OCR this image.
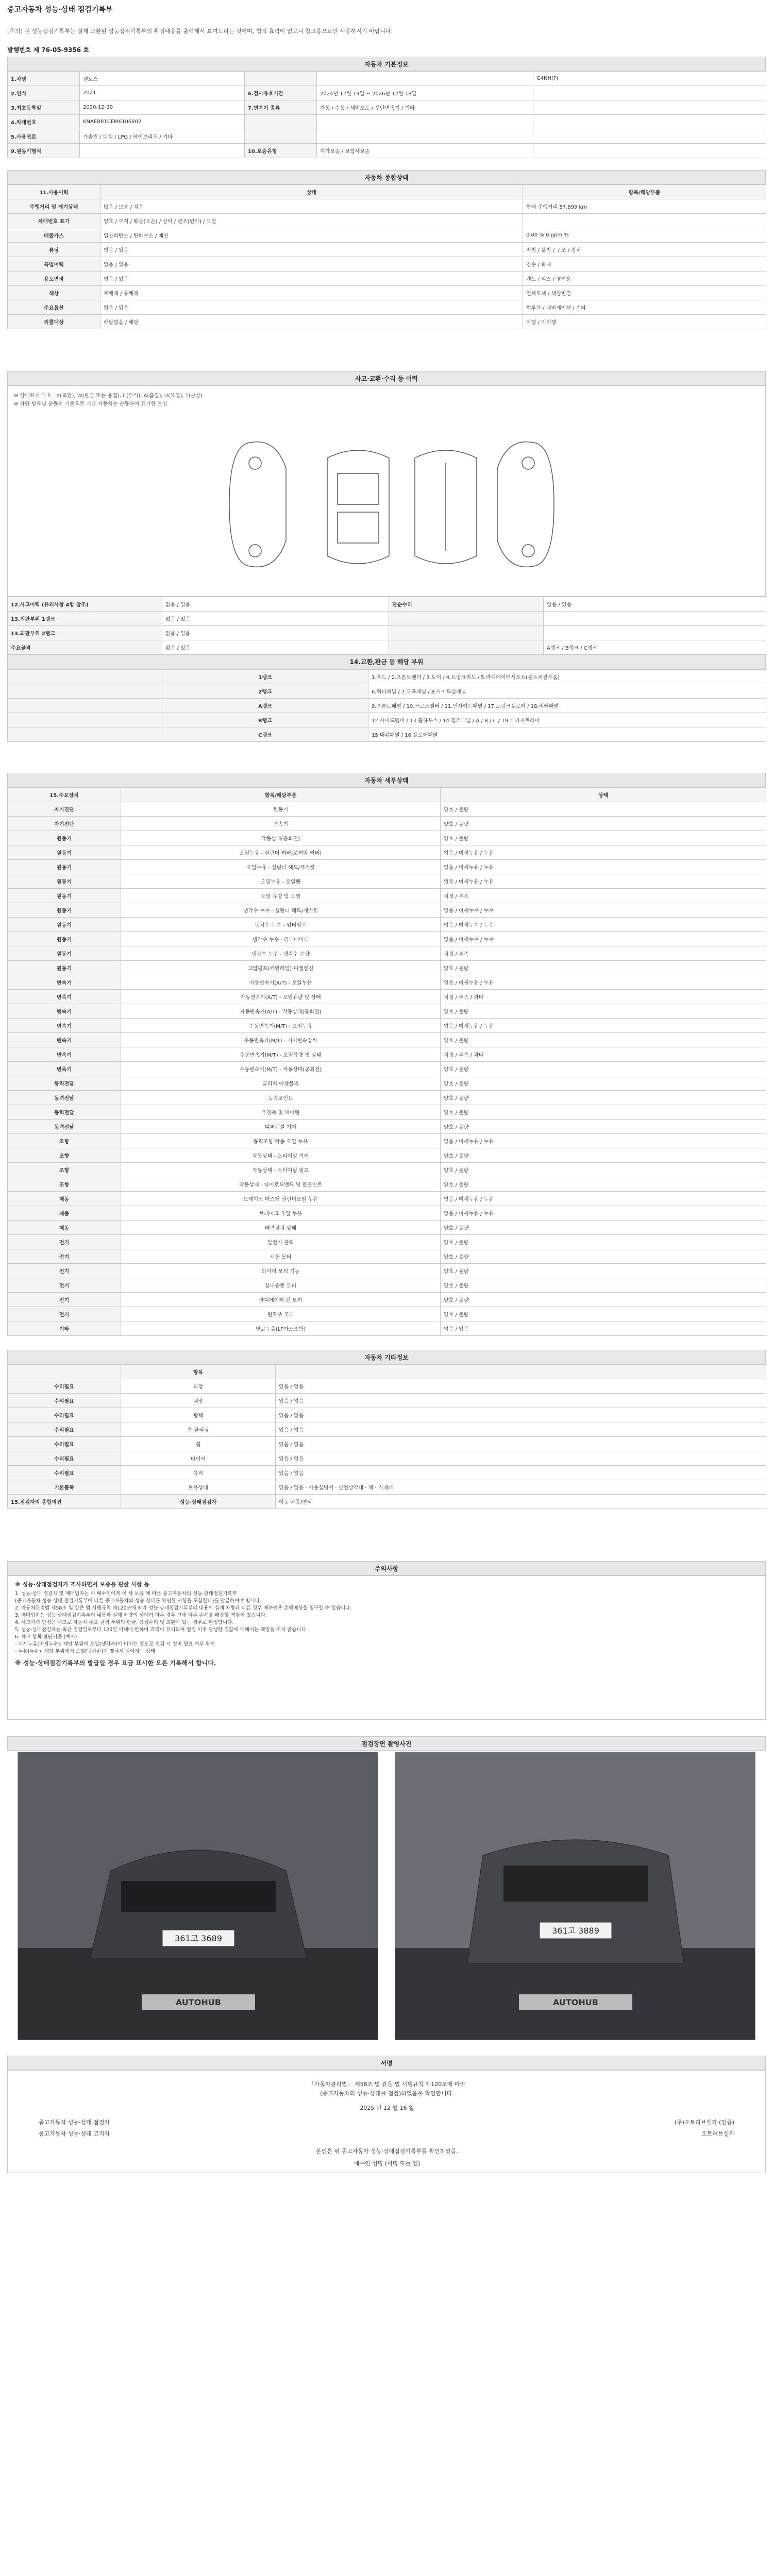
중고자동차 성능·상태 점검기록부
[주의] 본 성능점검기록부는 실제 교환된 성능점검기록부의 확정내용을 출력해서 보여드리는 것이며, 법적 효력이 없으니 참고용으로만 사용하시기 바랍니다.
발행번호 제 76-05-9356 호
자동차 기본정보
1.차명	셀토스			G4NH(?)
2.연식	2021	6.검사유효기간	2024년 12월 19일 ~ 2026년 12월 18일	
3.최초등록일	2020-12-30	7.변속기 종류	자동 / 수동 / 세미오토 / 무단변속기 / 기타	
4.차대번호	KNAER81CEM6106802			
5.사용연료	가솔린 / 디젤 / LPG / 하이브리드 / 기타			
9.원동기형식		10.보증유형	자가보증 / 보험사보증	
자동차 종합상태
11.사용이력	상태	항목/해당부품
주행거리 및 계기상태	많음 / 보통 / 적음	현재 주행거리 57,899 km
차대번호 표기	양호 / 부식 / 훼손(오손) / 상이 / 변조(변타) / 도말	
배출가스	일산화탄소 / 탄화수소 / 매연	0.00 % 0 ppm %
튜닝	없음 / 있음	적법 / 불법 / 구조 / 장치
특별이력	없음 / 있음	침수 / 화재
용도변경	없음 / 있음	렌트 / 리스 / 영업용
색상	무채색 / 유채색	전체도색 / 색상변경
주요옵션	없음 / 있음	썬루프 / 네비게이션 / 기타
리콜대상	해당없음 / 해당	이행 / 미이행
사고·교환·수리 등 이력
※ 상태표시 부호 : X(교환), W(판금 또는 용접), C(부식), A(흠집), U(요철), T(손상)
※ 하단 항목별 순동의 기준으로 기타 자동차는 순동하여 표기한 보임
12.사고이력 (유의사항 4항 참조)	없음 / 있음	단순수리	없음 / 있음
13.외판부위 1랭크	없음 / 있음		
13.외판부위 2랭크	없음 / 있음		
주요골격	없음 / 있음		A랭크 / B랭크 / C랭크
14.교환,판금 등 해당 부위
	1랭크	1.후드 / 2.프론트펜더 / 3.도어 / 4.트렁크리드 / 5.라디에이터서포트(볼트체결부품)
	2랭크	6.쿼터패널 / 7.루프패널 / 8.사이드실패널
	A랭크	9.프론트패널 / 10.크로스멤버 / 11.인사이드패널 / 17.트렁크플로어 / 18.리어패널
	B랭크	12.사이드멤버 / 13.휠하우스 / 14.필러패널 / A / B / C / 19.패키지트레이
	C랭크	15.대쉬패널 / 16.플로어패널
자동차 세부상태
15.주요장치	항목/해당부품	상태
자기진단	원동기	양호 / 불량
자기진단	변속기	양호 / 불량
원동기	작동상태(공회전)	양호 / 불량
원동기	오일누유 - 실린더 커버(로커암 커버)	없음 / 미세누유 / 누유
원동기	오일누유 - 실린더 헤드/개스킷	없음 / 미세누유 / 누유
원동기	오일누유 - 오일팬	없음 / 미세누유 / 누유
원동기	오일 유량 및 오염	적정 / 부족
원동기	냉각수 누수 - 실린더 헤드/개스킷	없음 / 미세누수 / 누수
원동기	냉각수 누수 - 워터펌프	없음 / 미세누수 / 누수
원동기	냉각수 누수 - 라디에이터	없음 / 미세누수 / 누수
원동기	냉각수 누수 - 냉각수 수량	적정 / 부족
원동기	고압펌프(커먼레일)-디젤엔진	양호 / 불량
변속기	자동변속기(A/T) - 오일누유	없음 / 미세누유 / 누유
변속기	자동변속기(A/T) - 오일유량 및 상태	적정 / 부족 / 과다
변속기	자동변속기(A/T) - 작동상태(공회전)	양호 / 불량
변속기	수동변속기(M/T) - 오일누유	없음 / 미세누유 / 누유
변속기	수동변속기(M/T) - 기어변속장치	양호 / 불량
변속기	수동변속기(M/T) - 오일유량 및 상태	적정 / 부족 / 과다
변속기	수동변속기(M/T) - 작동상태(공회전)	양호 / 불량
동력전달	클러치 어셈블리	양호 / 불량
동력전달	등속조인트	양호 / 불량
동력전달	추진축 및 베어링	양호 / 불량
동력전달	디퍼렌셜 기어	양호 / 불량
조향	동력조향 작동 오일 누유	없음 / 미세누유 / 누유
조향	작동상태 - 스티어링 기어	양호 / 불량
조향	작동상태 - 스티어링 펌프	양호 / 불량
조향	작동상태 - 타이로드엔드 및 볼조인트	양호 / 불량
제동	브레이크 마스터 실린더오일 누유	없음 / 미세누유 / 누유
제동	브레이크 오일 누유	없음 / 미세누유 / 누유
제동	배력장치 상태	양호 / 불량
전기	발전기 출력	양호 / 불량
전기	시동 모터	양호 / 불량
전기	와이퍼 모터 기능	양호 / 불량
전기	실내송풍 모터	양호 / 불량
전기	라디에이터 팬 모터	양호 / 불량
전기	윈도우 모터	양호 / 불량
기타	연료누출(LP가스포함)	없음 / 있음
자동차 기타정보
	항목	
수리필요	외장	있음 / 없음
수리필요	내장	있음 / 없음
수리필요	광택	있음 / 없음
수리필요	룸 클리닝	있음 / 없음
수리필요	휠	있음 / 없음
수리필요	타이어	있음 / 없음
수리필요	유리	있음 / 없음
기본품목	보유상태	있음 / 없음 · 사용설명서 · 안전삼각대 · 잭 · 스패너
15.점검자의 종합의견	성능·상태점검자	이동 차종/연식
주의사항
※ 성능·상태점검자가 조사하면서 보증을 관한 사항 등
1. 성능·상태 점검자 및 매매업자는 이 매수인에게 이 사 보증 에 따른 중고자동차의 성능·상태점검기록부
(중고자동차 성능 상태 점검기록부에 다른 중고자동차의 성능 상태를 확인한 사항을 포함한다)를 발급하여야 합니다.
2. 자동차관리법 제58조 및 같은 법 시행규칙 제120조에 따라 성능·상태점검기록부의 내용이 실제 차량과 다른 경우 매수인은 손해배상을 청구할 수 있습니다.
3. 매매업자는 성능·상태점검기록부의 내용과 실제 차량의 상태가 다른 경우 그에 따른 손해를 배상할 책임이 있습니다.
4. 사고이력 인정은 사고로 자동차 주요 골격 부위의 판금, 용접수리 및 교환이 있는 경우로 한정합니다.
5. 성능·상태점검자는 최근 점검일로부터 120일 이내에 한하여 효력이 유지되며 점검 이후 발생한 결함에 대해서는 책임을 지지 않습니다.
6. 체크 항목 판단기준 (예시)
- 미세누유(미세누수): 해당 부위에 오일(냉각수)이 비치는 정도로 점검 시 정비 필요 여부 확인
- 누유(누수): 해당 부위에서 오일(냉각수)이 맺혀서 떨어지는 상태
※ 성능·상태점검기록부의 발급일 경우 요금 표시한 오른 기록해서 합니다.
점검장면 촬영사진
361고 3689
AUTOHUB
361고 3889
AUTOHUB
서명
「자동차관리법」 제58조 및 같은 법 시행규칙 제120조에 따라
(중고자동차의 성능·상태를 점검)하였음을 확인합니다.
2025 년 12 월 16 일
중고자동차 성능·상태 점검자	(주)오토허브셀카 (인증)
중고자동차 성능·상태 고지자	오토허브셀카
본인은 위 중고자동차 성능·상태점검기록부를 확인하였음.
매수인 성명 (서명 또는 인)
